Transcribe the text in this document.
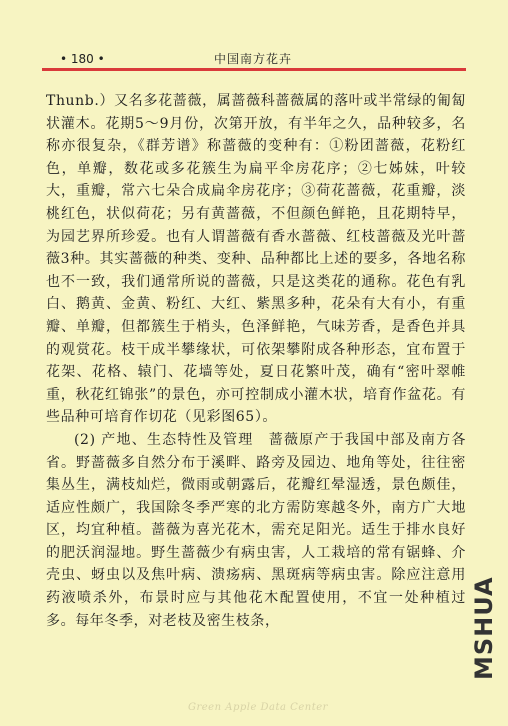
• 180 •	中国南方花卉

Thunb.）又名多花蔷薇，属蔷薇科蔷薇属的落叶或半常绿的匍匐状灌木。花期5～9月份，次第开放，有半年之久，品种较多，名称亦很复杂，《群芳谱》称蔷薇的变种有：①粉团蔷薇，花粉红色，单瓣，数花或多花簇生为扁平伞房花序；②七姊妹，叶较大，重瓣，常六七朵合成扁伞房花序；③荷花蔷薇，花重瓣，淡桃红色，状似荷花；另有黄蔷薇，不但颜色鲜艳，且花期特早，为园艺界所珍爱。也有人谓蔷薇有香水蔷薇、红枝蔷薇及光叶蔷薇3种。其实蔷薇的种类、变种、品种都比上述的要多，各地名称也不一致，我们通常所说的蔷薇，只是这类花的通称。花色有乳白、鹅黄、金黄、粉红、大红、紫黑多种，花朵有大有小，有重瓣、单瓣，但都簇生于梢头，色泽鲜艳，气味芳香，是香色并具的观赏花。枝干成半攀缘状，可依架攀附成各种形态，宜布置于花架、花格、辕门、花墙等处，夏日花繁叶茂，确有“密叶翠帷重，秋花红锦张”的景色，亦可控制成小灌木状，培育作盆花。有些品种可培育作切花（见彩图65）。

(2) 产地、生态特性及管理　蔷薇原产于我国中部及南方各省。野蔷薇多自然分布于溪畔、路旁及园边、地角等处，往往密集丛生，满枝灿烂，微雨或朝露后，花瓣红晕湿透，景色颇佳，适应性颇广，我国除冬季严寒的北方需防寒越冬外，南方广大地区，均宜种植。蔷薇为喜光花木，需充足阳光。适生于排水良好的肥沃润湿地。野生蔷薇少有病虫害，人工栽培的常有锯蜂、介壳虫、蚜虫以及焦叶病、溃疡病、黑斑病等病虫害。除应注意用药液喷杀外，布景时应与其他花木配置使用，不宜一处种植过多。每年冬季，对老枝及密生枝条，

Green Apple Data Center
MSHUA
